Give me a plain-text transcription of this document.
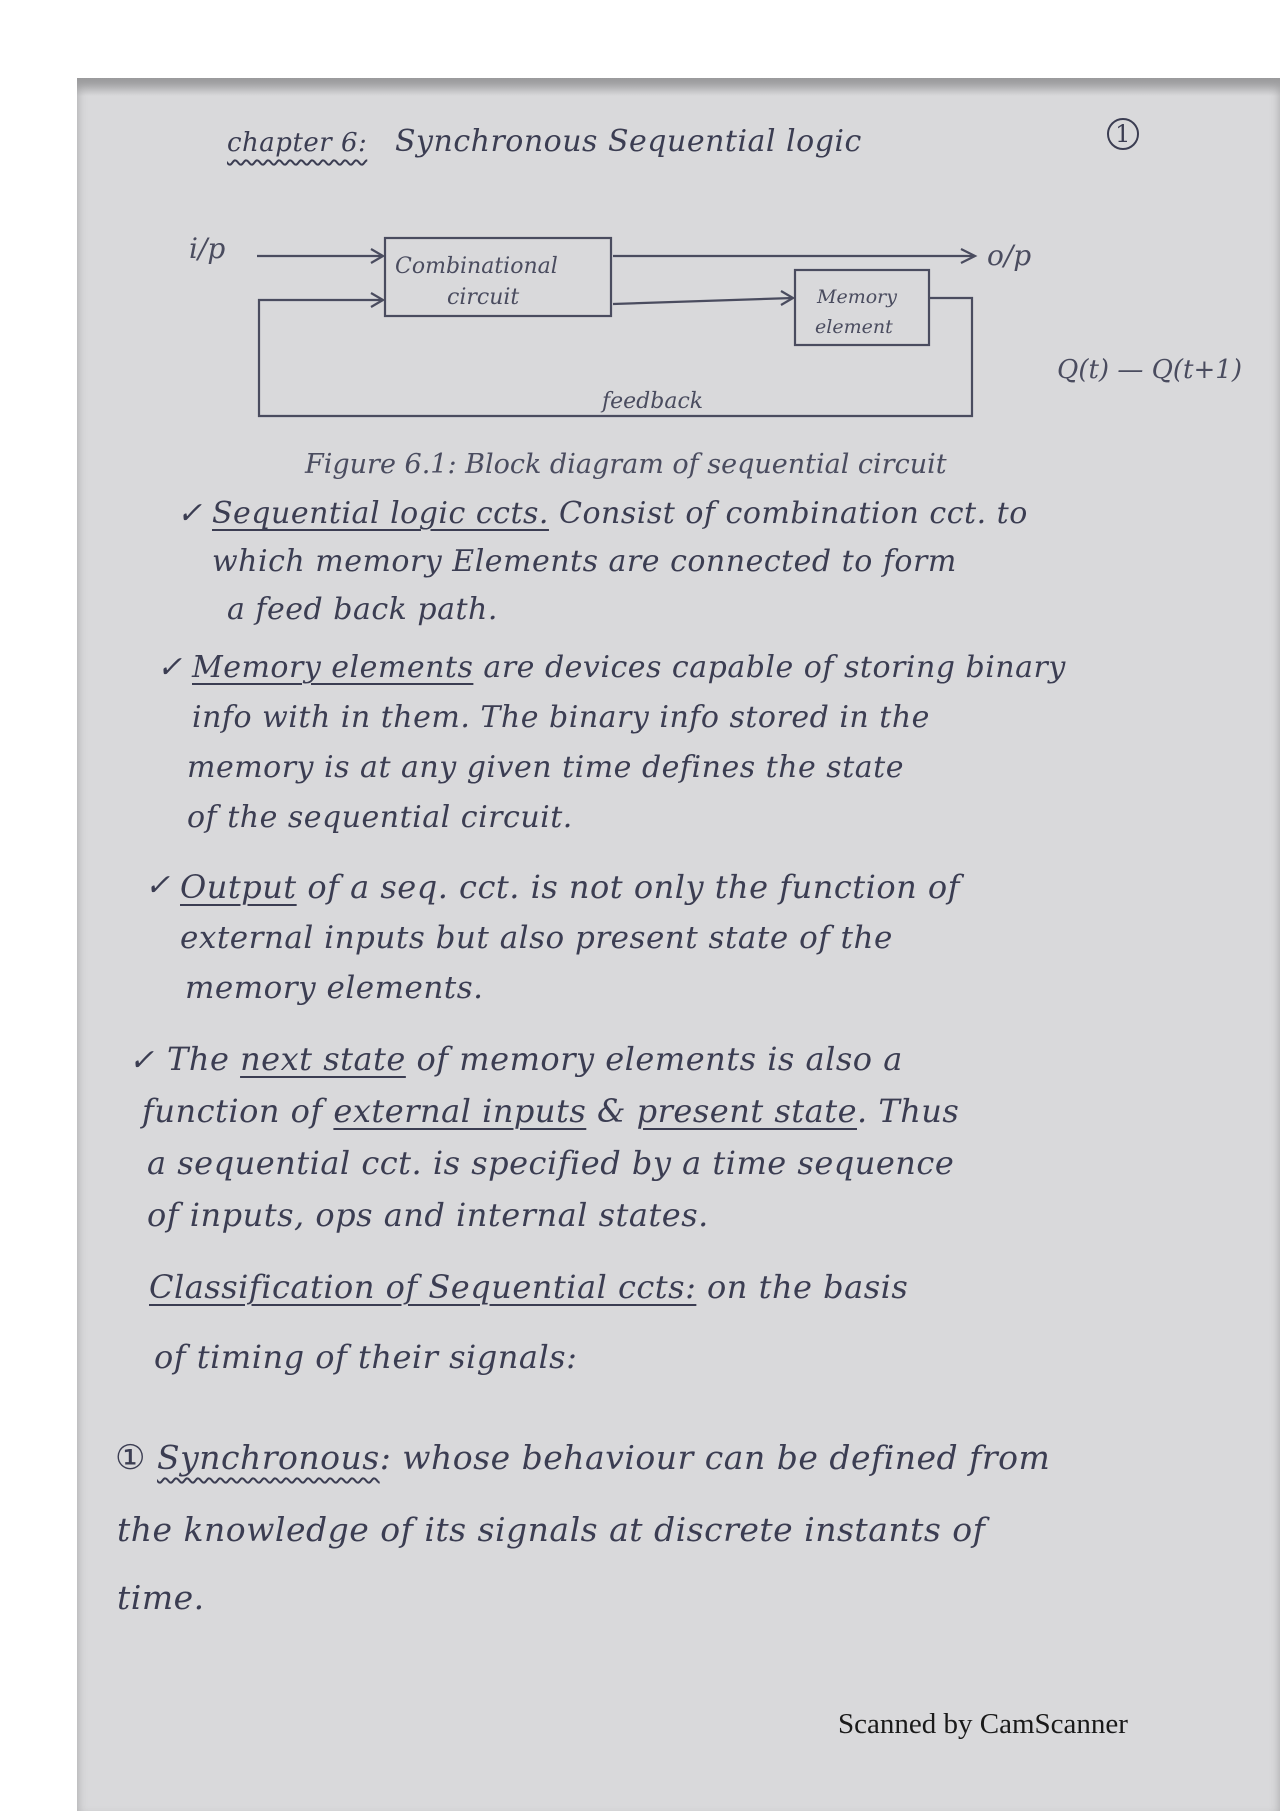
chapter 6: Synchronous Sequential logic	1
i/p	o/p
Combinational
circuit	Memory
element
feedback
Q(t) — Q(t+1)
Figure 6.1: Block diagram of sequential circuit
✓ Sequential logic ccts. Consist of combination cct. to
which memory Elements are connected to form
a feed back path.
✓ Memory elements are devices capable of storing binary
info with in them. The binary info stored in the
memory is at any given time defines the state
of the sequential circuit.
✓ Output of a seq. cct. is not only the function of
external inputs but also present state of the
memory elements.
✓ The next state of memory elements is also a
function of external inputs & present state. Thus
a sequential cct. is specified by a time sequence
of inputs, ops and internal states.
Classification of Sequential ccts: on the basis
of timing of their signals:
① Synchronous: whose behaviour can be defined from
the knowledge of its signals at discrete instants of
time.
Scanned by CamScanner
